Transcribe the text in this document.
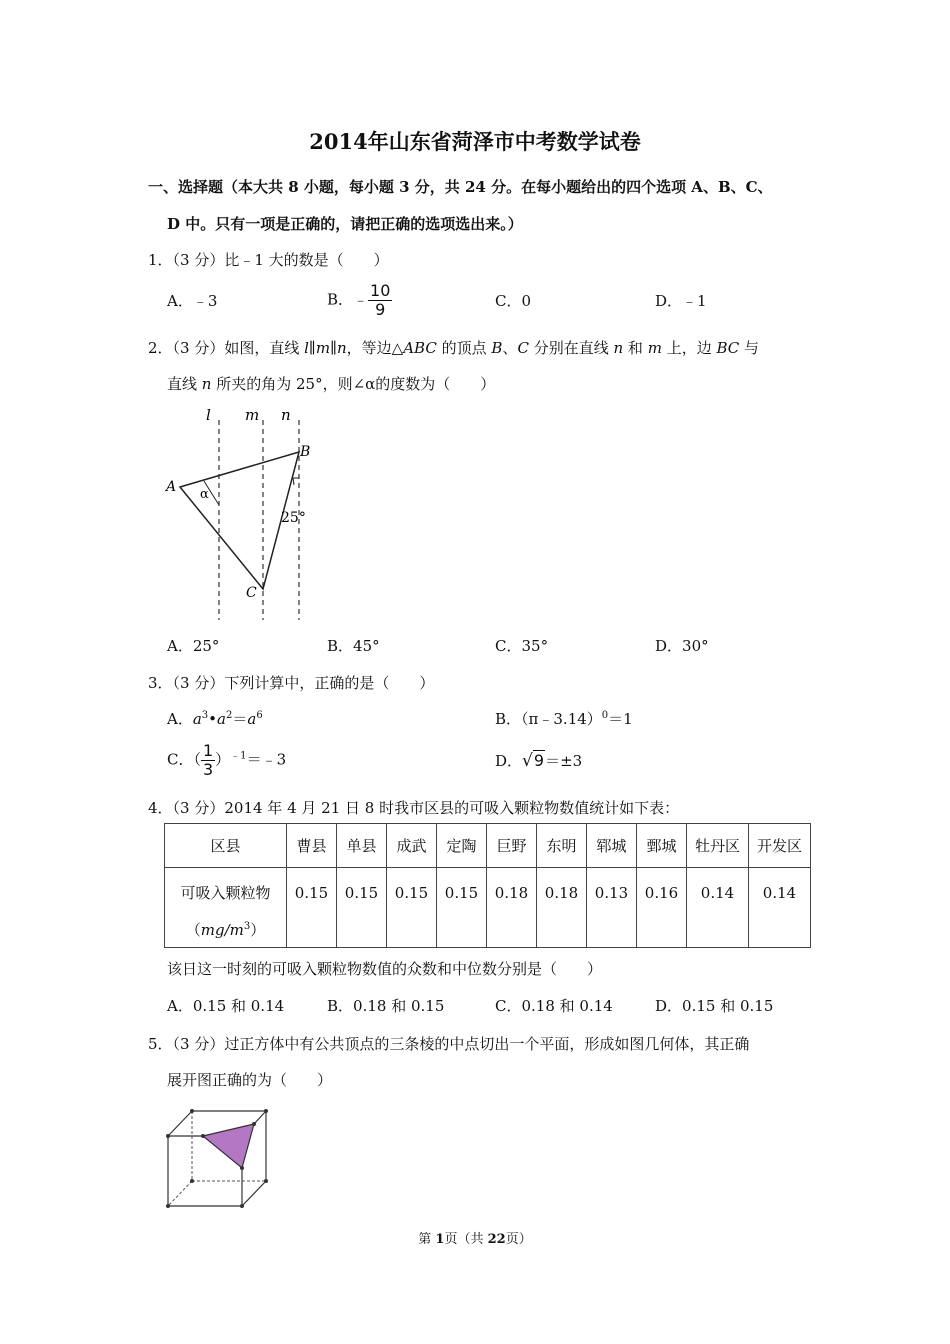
2014年山东省菏泽市中考数学试卷
一、选择题（本大共 8 小题，每小题 3 分，共 24 分。在每小题给出的四个选项 A、B、C、
D 中。只有一项是正确的，请把正确的选项选出来。）
1．（3 分）比﹣1 大的数是（　　）
A．﹣3	B．﹣ $\frac{10}{9}$	C．0	D．﹣1
2．（3 分）如图，直线 l∥m∥n，等边△ABC 的顶点 B、C 分别在直线 n 和 m 上，边 BC 与
直线 n 所夹的角为 25°，则∠α的度数为（　　）
l m n
A
B
C
α
25°
A．25°	B．45°	C．35°	D．30°
3．（3 分）下列计算中，正确的是（　　）
A．$a^3•a^2=a^6$	B．（π﹣3.14）$^0$＝1
C．（ $\frac{1}{3}$ ）$^{﹣1}$＝﹣3	D．√9＝±3
4．（3 分）2014 年 4 月 21 日 8 时我市区县的可吸入颗粒物数值统计如下表：
区县	曹县	单县	成武	定陶	巨野	东明	郓城	鄄城	牡丹区	开发区

可吸入颗粒物
$(mg/m^3)$	0.15	0.15	0.15	0.15	0.18	0.18	0.13	0.16	0.14	0.14
该日这一时刻的可吸入颗粒物数值的众数和中位数分别是（　　）
A．0.15 和 0.14	B．0.18 和 0.15	C．0.18 和 0.14	D．0.15 和 0.15
5．（3 分）过正方体中有公共顶点的三条棱的中点切出一个平面，形成如图几何体，其正确
展开图正确的为（　　）
第 1页（共 22页）
